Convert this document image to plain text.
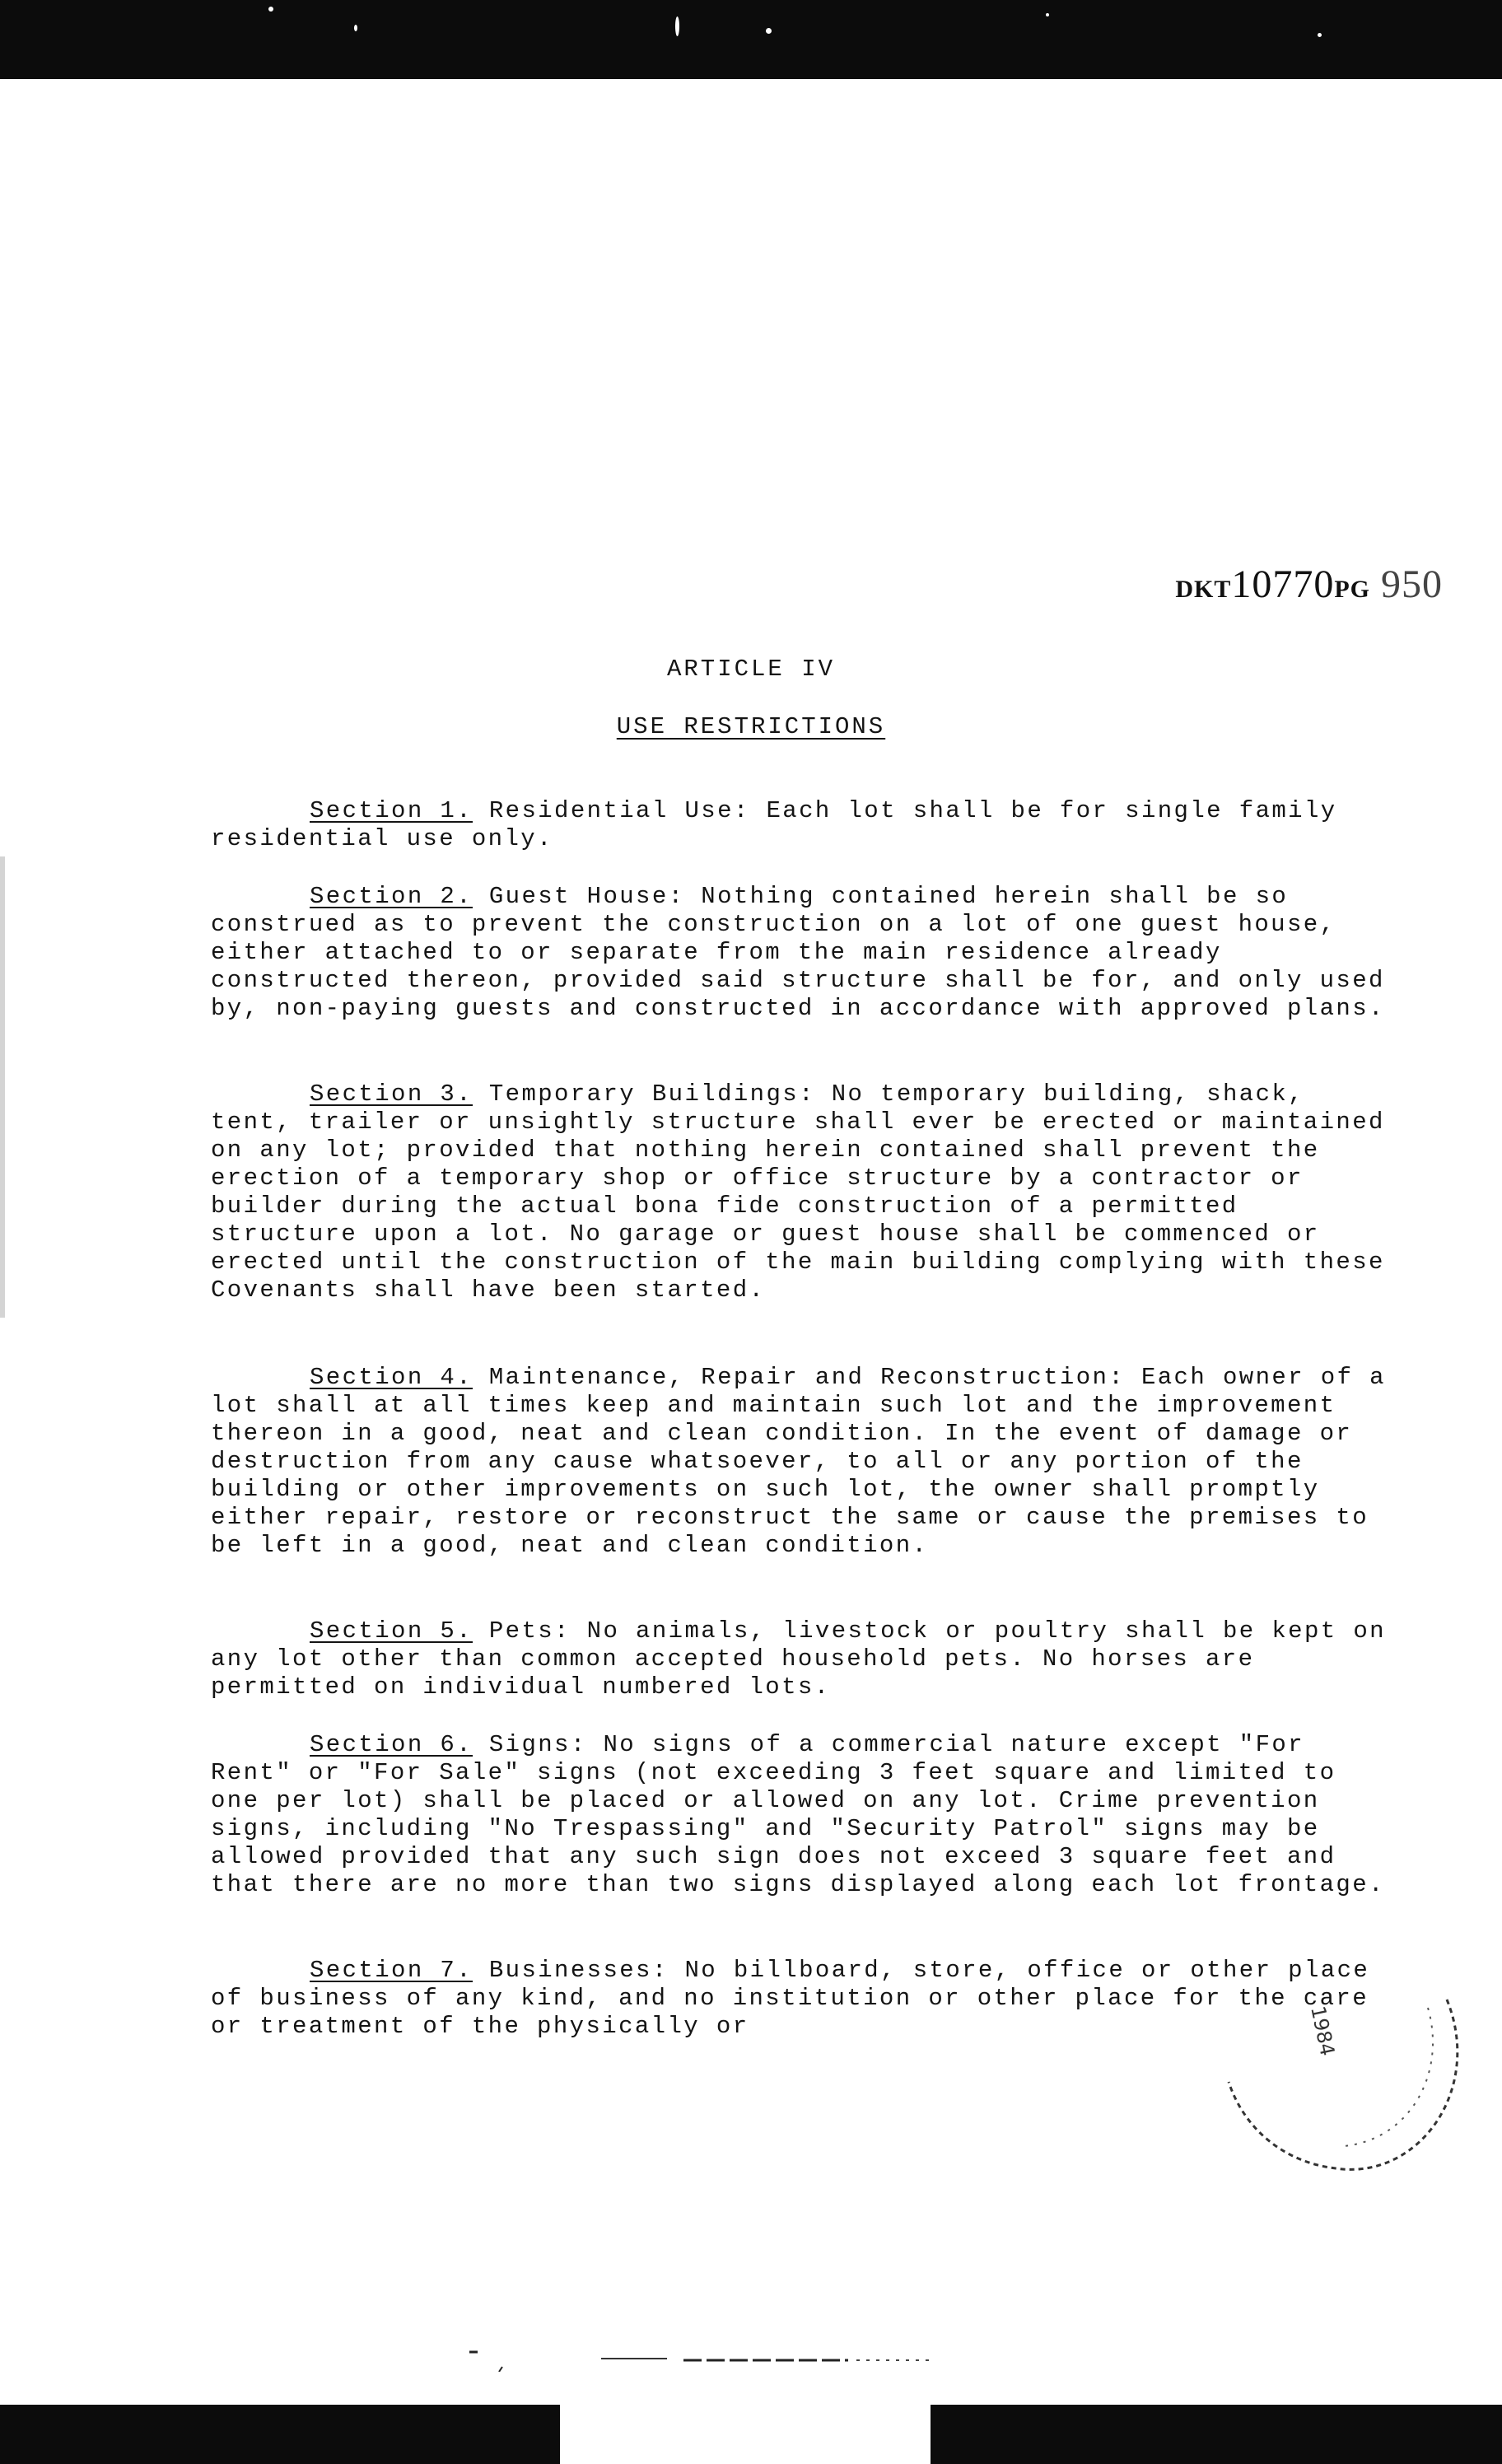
DKT10770PG 950
ARTICLE IV
USE RESTRICTIONS

Section 1. Residential Use: Each lot shall be for single family residential use only.

Section 2. Guest House: Nothing contained herein shall be so construed as to prevent the construction on a lot of one guest house, either attached to or separate from the main residence already constructed thereon, provided said structure shall be for, and only used by, non-paying guests and constructed in accordance with approved plans.

Section 3. Temporary Buildings: No temporary building, shack, tent, trailer or unsightly structure shall ever be erected or maintained on any lot; provided that nothing herein contained shall prevent the erection of a temporary shop or office structure by a contractor or builder during the actual bona fide construction of a permitted structure upon a lot. No garage or guest house shall be commenced or erected until the construction of the main building complying with these Covenants shall have been started.

Section 4. Maintenance, Repair and Reconstruction: Each owner of a lot shall at all times keep and maintain such lot and the improvement thereon in a good, neat and clean condition. In the event of damage or destruction from any cause whatsoever, to all or any portion of the building or other improvements on such lot, the owner shall promptly either repair, restore or reconstruct the same or cause the premises to be left in a good, neat and clean condition.

Section 5. Pets: No animals, livestock or poultry shall be kept on any lot other than common accepted household pets. No horses are permitted on individual numbered lots.

Section 6. Signs: No signs of a commercial nature except "For Rent" or "For Sale" signs (not exceeding 3 feet square and limited to one per lot) shall be placed or allowed on any lot. Crime prevention signs, including "No Trespassing" and "Security Patrol" signs may be allowed provided that any such sign does not exceed 3 square feet and that there are no more than two signs displayed along each lot frontage.

Section 7. Businesses: No billboard, store, office or other place of business of any kind, and no institution or other place for the care or treatment of the physically or	1984
